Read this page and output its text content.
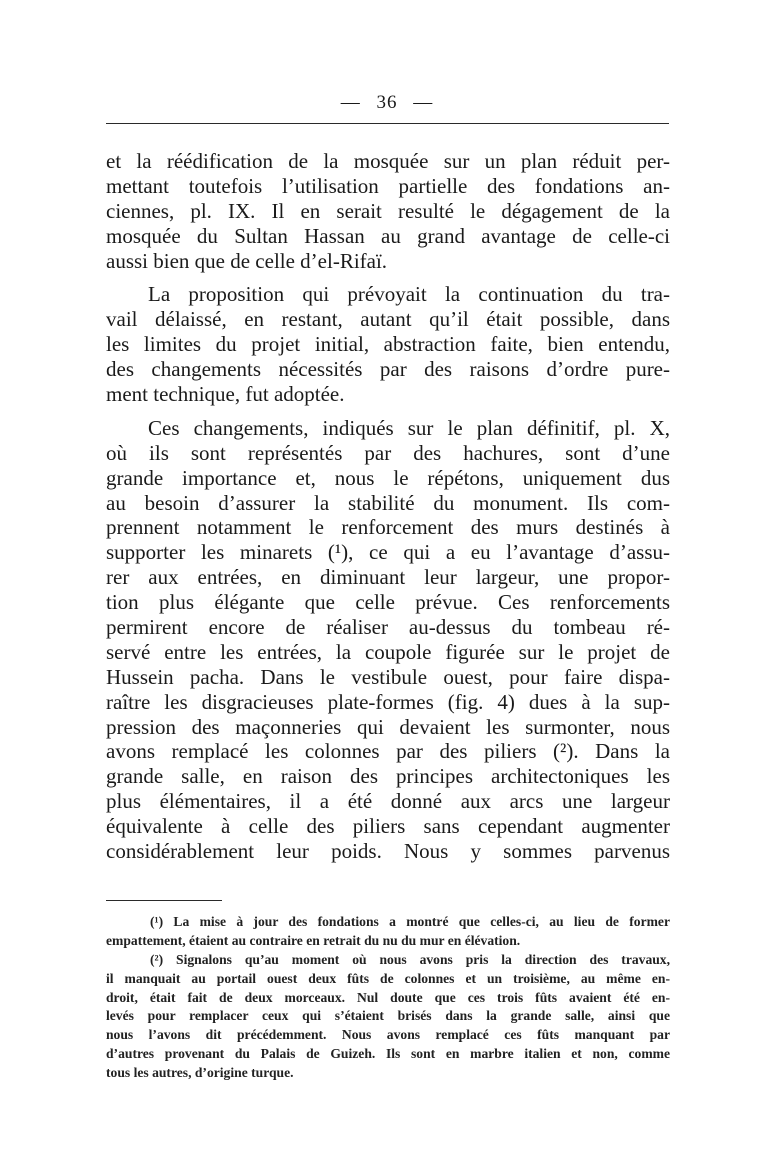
— 36 —
et la réédification de la mosquée sur un plan réduit per-
mettant toutefois l’utilisation partielle des fondations an-
ciennes, pl. IX. Il en serait resulté le dégagement de la
mosquée du Sultan Hassan au grand avantage de celle-ci
aussi bien que de celle d’el-Rifaï.
La proposition qui prévoyait la continuation du tra-
vail délaissé, en restant, autant qu’il était possible, dans
les limites du projet initial, abstraction faite, bien entendu,
des changements nécessités par des raisons d’ordre pure-
ment technique, fut adoptée.
Ces changements, indiqués sur le plan définitif, pl. X,
où ils sont représentés par des hachures, sont d’une
grande importance et, nous le répétons, uniquement dus
au besoin d’assurer la stabilité du monument. Ils com-
prennent notamment le renforcement des murs destinés à
supporter les minarets (¹), ce qui a eu l’avantage d’assu-
rer aux entrées, en diminuant leur largeur, une propor-
tion plus élégante que celle prévue. Ces renforcements
permirent encore de réaliser au-dessus du tombeau ré-
servé entre les entrées, la coupole figurée sur le projet de
Hussein pacha. Dans le vestibule ouest, pour faire dispa-
raître les disgracieuses plate-formes (fig. 4) dues à la sup-
pression des maçonneries qui devaient les surmonter, nous
avons remplacé les colonnes par des piliers (²). Dans la
grande salle, en raison des principes architectoniques les
plus élémentaires, il a été donné aux arcs une largeur
équivalente à celle des piliers sans cependant augmenter
considérablement leur poids. Nous y sommes parvenus
(¹) La mise à jour des fondations a montré que celles-ci, au lieu de former
empattement, étaient au contraire en retrait du nu du mur en élévation.
(²) Signalons qu’au moment où nous avons pris la direction des travaux,
il manquait au portail ouest deux fûts de colonnes et un troisième, au même en-
droit, était fait de deux morceaux. Nul doute que ces trois fûts avaient été en-
levés pour remplacer ceux qui s’étaient brisés dans la grande salle, ainsi que
nous l’avons dit précédemment. Nous avons remplacé ces fûts manquant par
d’autres provenant du Palais de Guizeh. Ils sont en marbre italien et non, comme
tous les autres, d’origine turque.
